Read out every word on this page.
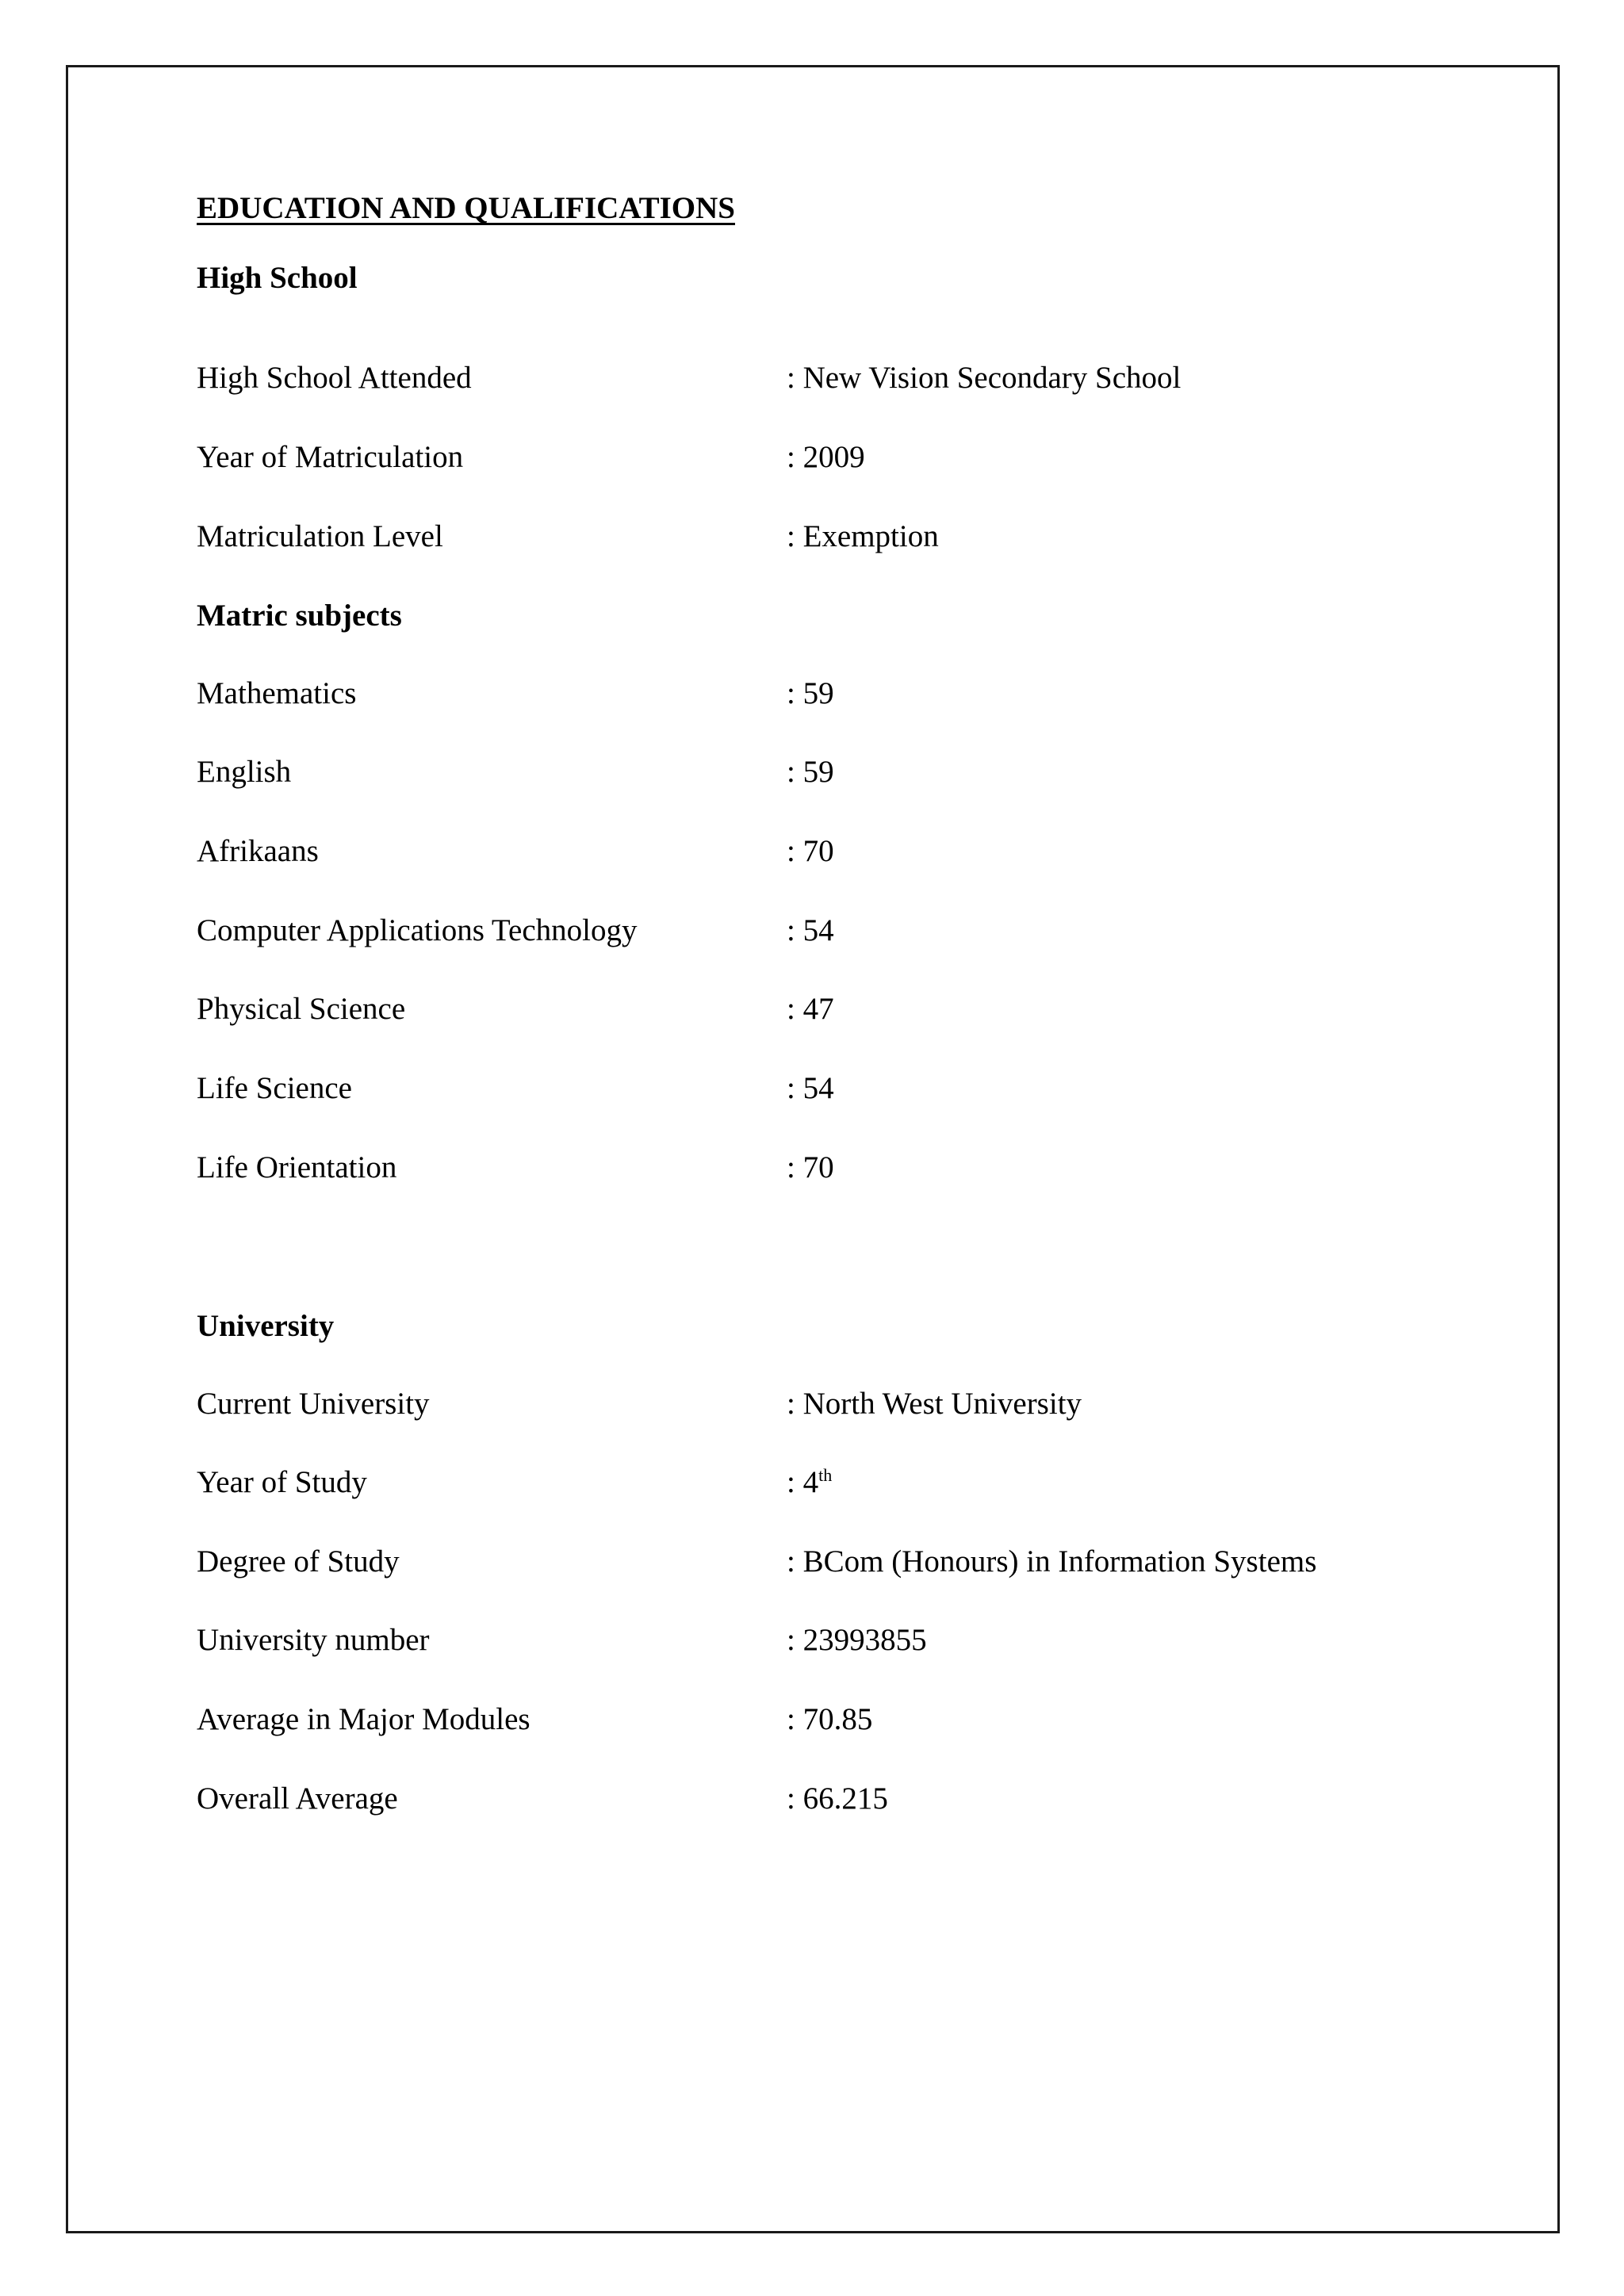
EDUCATION AND QUALIFICATIONS
High School
High School Attended	: New Vision Secondary School
Year of Matriculation	: 2009
Matriculation Level	: Exemption
Matric subjects
Mathematics	: 59
English	: 59
Afrikaans	: 70
Computer Applications Technology	: 54
Physical Science	: 47
Life Science	: 54
Life Orientation	: 70
University
Current University	: North West University
Year of Study	: 4th
Degree of Study	: BCom (Honours) in Information Systems
University number	: 23993855
Average in Major Modules	: 70.85
Overall Average	: 66.215
